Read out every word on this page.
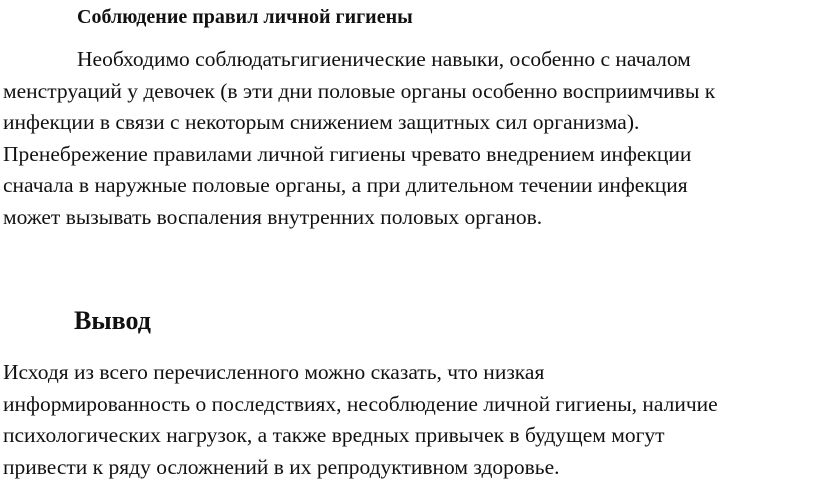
Соблюдение правил личной гигиены
Необходимо соблюдатьгигиенические навыки, особенно с началом
менструаций у девочек (в эти дни половые органы особенно восприимчивы к
инфекции в связи с некоторым снижением защитных сил организма).
Пренебрежение правилами личной гигиены чревато внедрением инфекции
сначала в наружные половые органы, а при длительном течении инфекция
может вызывать воспаления внутренних половых органов.
Вывод
Исходя из всего перечисленного можно сказать, что низкая
информированность о последствиях, несоблюдение личной гигиены, наличие
психологических нагрузок, а также вредных привычек в будущем могут
привести к ряду осложнений в их репродуктивном здоровье.
